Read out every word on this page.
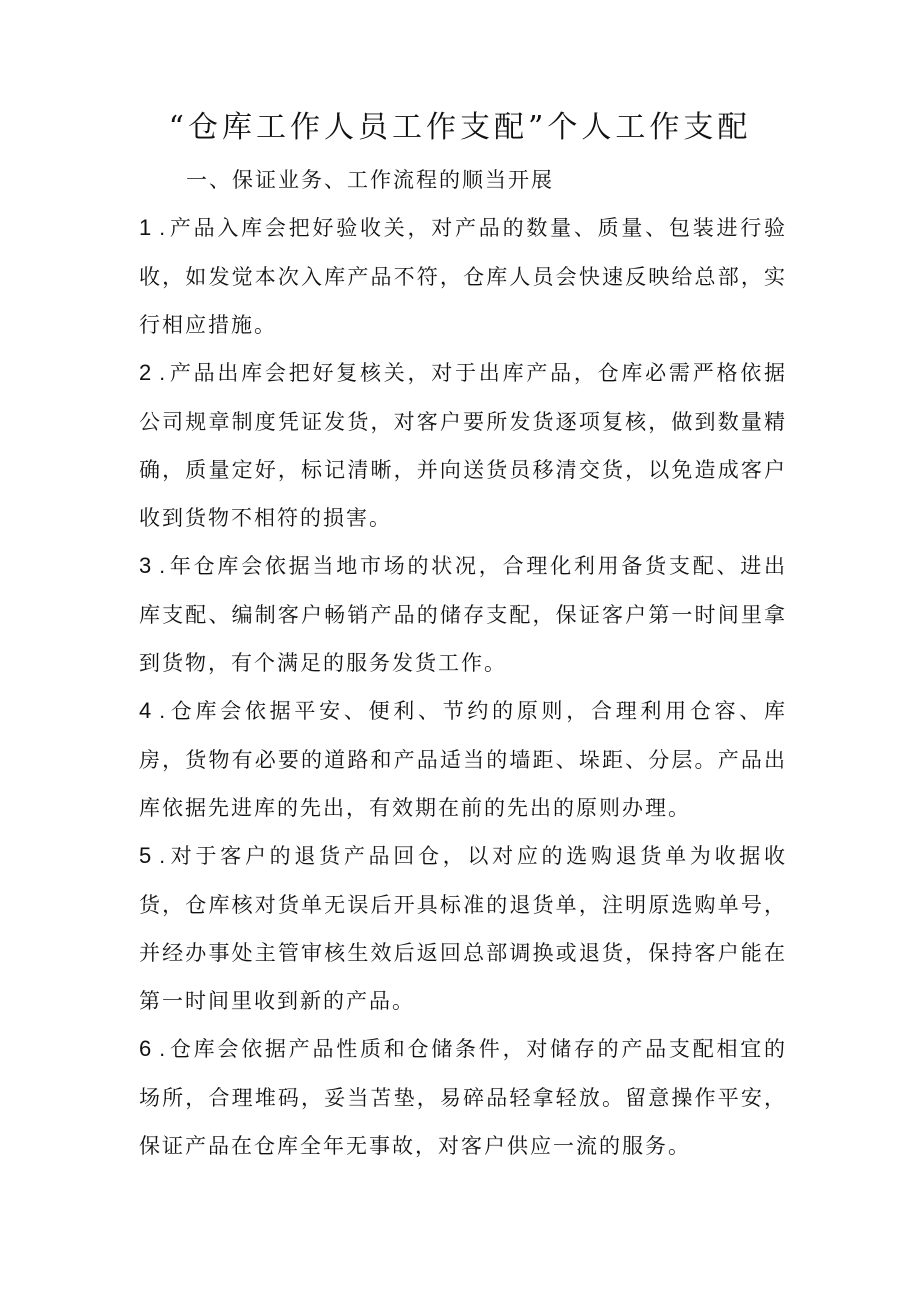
“仓库工作人员工作支配”个人工作支配
一、保证业务、工作流程的顺当开展
1 . 产品入库会把好验收关，对产品的数量、质量、包装进行验收，如发觉本次入库产品不符，仓库人员会快速反映给总部，实行相应措施。
2 . 产品出库会把好复核关，对于出库产品，仓库必需严格依据公司规章制度凭证发货，对客户要所发货逐项复核，做到数量精确，质量定好，标记清晰，并向送货员移清交货，以免造成客户收到货物不相符的损害。
3 . 年仓库会依据当地市场的状况，合理化利用备货支配、进出库支配、编制客户畅销产品的储存支配，保证客户第一时间里拿到货物，有个满足的服务发货工作。
4 . 仓库会依据平安、便利、节约的原则，合理利用仓容、库房，货物有必要的道路和产品适当的墙距、垛距、分层。产品出库依据先进库的先出，有效期在前的先出的原则办理。
5 . 对于客户的退货产品回仓，以对应的选购退货单为收据收货，仓库核对货单无误后开具标准的退货单，注明原选购单号，并经办事处主管审核生效后返回总部调换或退货，保持客户能在第一时间里收到新的产品。
6 . 仓库会依据产品性质和仓储条件，对储存的产品支配相宜的场所，合理堆码，妥当苫垫，易碎品轻拿轻放。留意操作平安，保证产品在仓库全年无事故，对客户供应一流的服务。
